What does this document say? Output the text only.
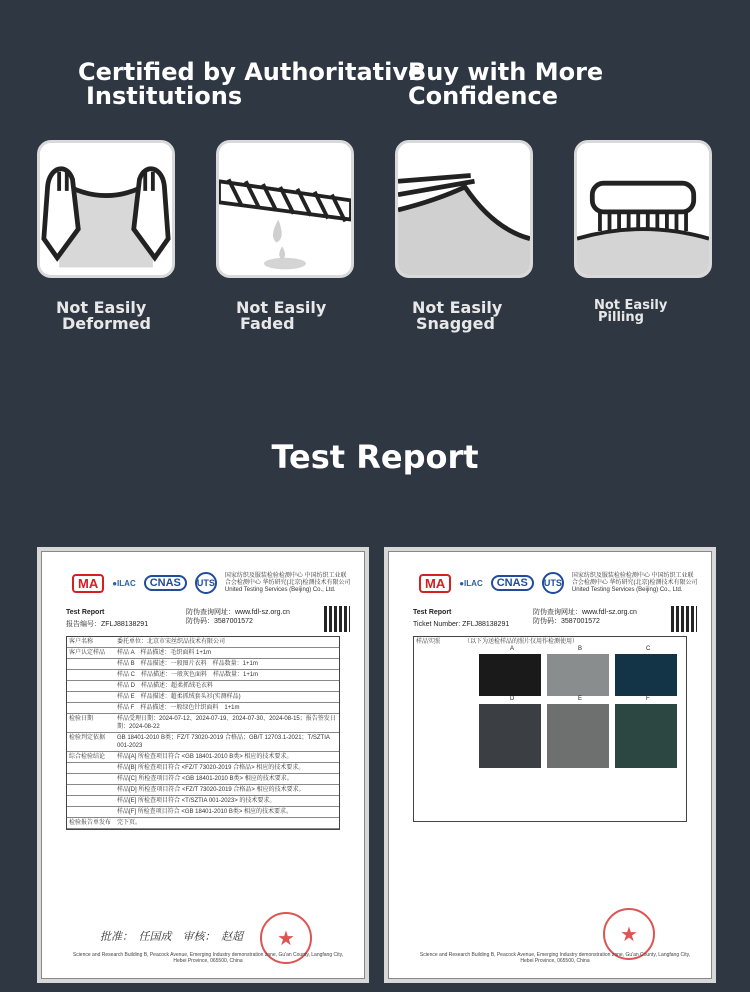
Certified by Authoritative
Institutions
Buy with More
Confidence
Not Easily
Deformed
Not Easily
Faded
Not Easily
Snagged
Not Easily
Pilling
Test Report
MA	●ILAC	CNAS	UTS
国家纺织及服装检验检测中心 中国纺织工业联合会检测中心 华纺研究(北京)检测技术有限公司
United Testing Services (Beijing) Co., Ltd.
Test Report
报告编号：ZFLJ88138291
防伪查询网址：www.fdl-sz.org.cn
防伪码：3587001572
客户名称	委托单位：北京市宋丝织品技术有限公司
客户认定样品	样品 A　样品描述：毛织面料 1+1m
样品 B　样品描述：一般图片衣料　样品数量：1+1m
样品 C　样品描述：一般灰色面料　样品数量：1+1m
样品 D　样品描述：超柔抓绒毛衣料
样品 E　样品描述：超柔抓绒套头衫(实测样品)
样品 F　样品描述：一般绿色针织面料　1+1m
检验日期	样品受理日期：2024-07-12、2024-07-19、2024-07-30、2024-08-15；报告签发日期：2024-08-22
检验判定依据	GB 18401-2010 B类；FZ/T 73020-2019 合格品；GB/T 12703.1-2021；T/SZTIA 001-2023
综合检验结论	样品[A] 所检查项目符合 <GB 18401-2010 B类> 相应的技术要求。
样品[B] 所检查项目符合 <FZ/T 73020-2019 合格品> 相应的技术要求。
样品[C] 所检查项目符合 <GB 18401-2010 B类> 相应的技术要求。
样品[D] 所检查项目符合 <FZ/T 73020-2019 合格品> 相应的技术要求。
样品[E] 所检查项目符合 <T/SZTIA 001-2023> 的技术要求。
样品[F] 所检查项目符合 <GB 18401-2010 B类> 相应的技术要求。
检验报告单发布 完下页。
批准：　任国成　审核：　赵超	★
Science and Research Building B, Peacock Avenue, Emerging Industry demonstration zone, Gu'an County, Langfang City, Hebei Province, 065500, China
MA	●ILAC	CNAS	UTS
国家纺织及服装检验检测中心 中国纺织工业联合会检测中心 华纺研究(北京)检测技术有限公司
United Testing Services (Beijing) Co., Ltd.
Test Report
Ticket Number: ZFLJ88138291
防伪查询网址：www.fdl-sz.org.cn
防伪码：3587001572
样品实照	（以下为送检样品的照片仅用作检测使用）
A	B	C
D	E	F
★
Science and Research Building B, Peacock Avenue, Emerging Industry demonstration zone, Gu'an County, Langfang City, Hebei Province, 065500, China
